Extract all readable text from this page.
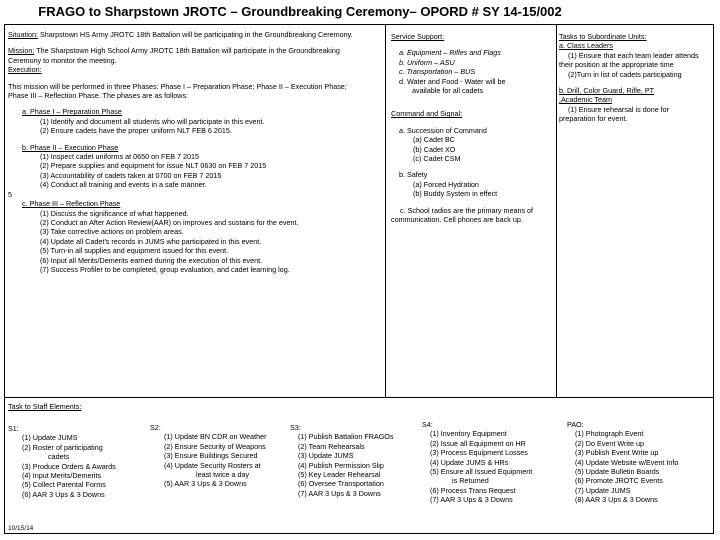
FRAGO to Sharpstown JROTC – Groundbreaking Ceremony– OPORD # SY 14-15/002
Situation: Sharpstown HS Army JROTC 18th Battalion will be participating in the Groundbreaking Ceremony.
Mission: The Sharpstown High School Army JROTC 18th Battalion will participate in the Groundbreaking Ceremony to monitor the meeting.
Execution:
This mission will be performed in three Phases: Phase I – Preparation Phase; Phase II – Execution Phase; Phase III – Reflection Phase. The phases are as follows:
a. Phase I – Preparation Phase
(1) Identify and document all students who will participate in this event.
(2) Ensure cadets have the proper uniform NLT FEB 6 2015.
b. Phase II – Execution Phase
(1) Inspect cadet uniforms at 0650 on FEB 7 2015
(2) Prepare supplies and equipment for issue NLT 0630 on FEB 7 2015
(3) Accountability of cadets taken at 0700 on FEB 7 2015
(4) Conduct all training and events in a safe manner.
5
c. Phase III – Reflection Phase
(1) Discuss the significance of what happened.
(2) Conduct an After Action Review(AAR) on improves and sustains for the event.
(3) Take corrective actions on problem areas.
(4) Update all Cadet’s records in JUMS who participated in this event.
(5) Turn-in all supplies and equipment issued for this event.
(6) Input all Merits/Demerits earned during the execution of this event.
(7) Success Profiler to be completed, group evaluation, and cadet learning log.
Service Support:
a. Equipment – Rifles and Flags
b. Uniform – ASU
c. Transportation – BUS
d. Water and Food - Water will be
available for all cadets
Command and Signal:
a. Succession of Command
(a) Cadet BC
(b) Cadet XO
(c) Cadet CSM
b. Safety
(a) Forced Hydration
(b) Buddy System in effect
c. School radios are the primary means of communication. Cell phones are back up.
Tasks to Subordinate Units:
a. Class Leaders
(1) Ensure that each team leader attends their position at the appropriate time
(2)Turn in list of cadets participating
b. Drill, Color Guard, Rifle, PT ,Academic Team
(1) Ensure rehearsal is done for preparation for event.
Task to Staff Elements:
S1:
(1) Update JUMS
(2) Roster of participating
cadets
(3) Produce Orders & Awards
(4) Input Merits/Demerits
(5) Collect Parental Forms
(6) AAR 3 Ups & 3 Downs
S2:
(1) Update BN CDR on Weather
(2) Ensure Security of Weapons
(3) Ensure Buildings Secured
(4) Update Security Rosters at
least twice a day
(5) AAR 3 Ups & 3 Downs
S3:
(1) Publish Battalion FRAGOs
(2) Team Rehearsals
(3) Update JUMS
(4) Publish Permission Slip
(5) Key Leader Rehearsal
(6) Oversee Transportation
(7) AAR 3 Ups & 3 Downs
S4:
(1) Inventory Equipment
(2) Issue all Equipment on HR
(3) Process Equipment Losses
(4) Update JUMS & HRs
(5) Ensure all Issued Equipment
is Returned
(6) Process Trans Request
(7) AAR 3 Ups & 3 Downs
PAO:
(1) Photograph Event
(2) Do Event Write up
(3) Publish Event Write up
(4) Update Website w/Event Info
(5) Update Bulletin Boards
(6) Promote JROTC Events
(7) Update JUMS
(8) AAR 3 Ups & 3 Downs
10/15/14
